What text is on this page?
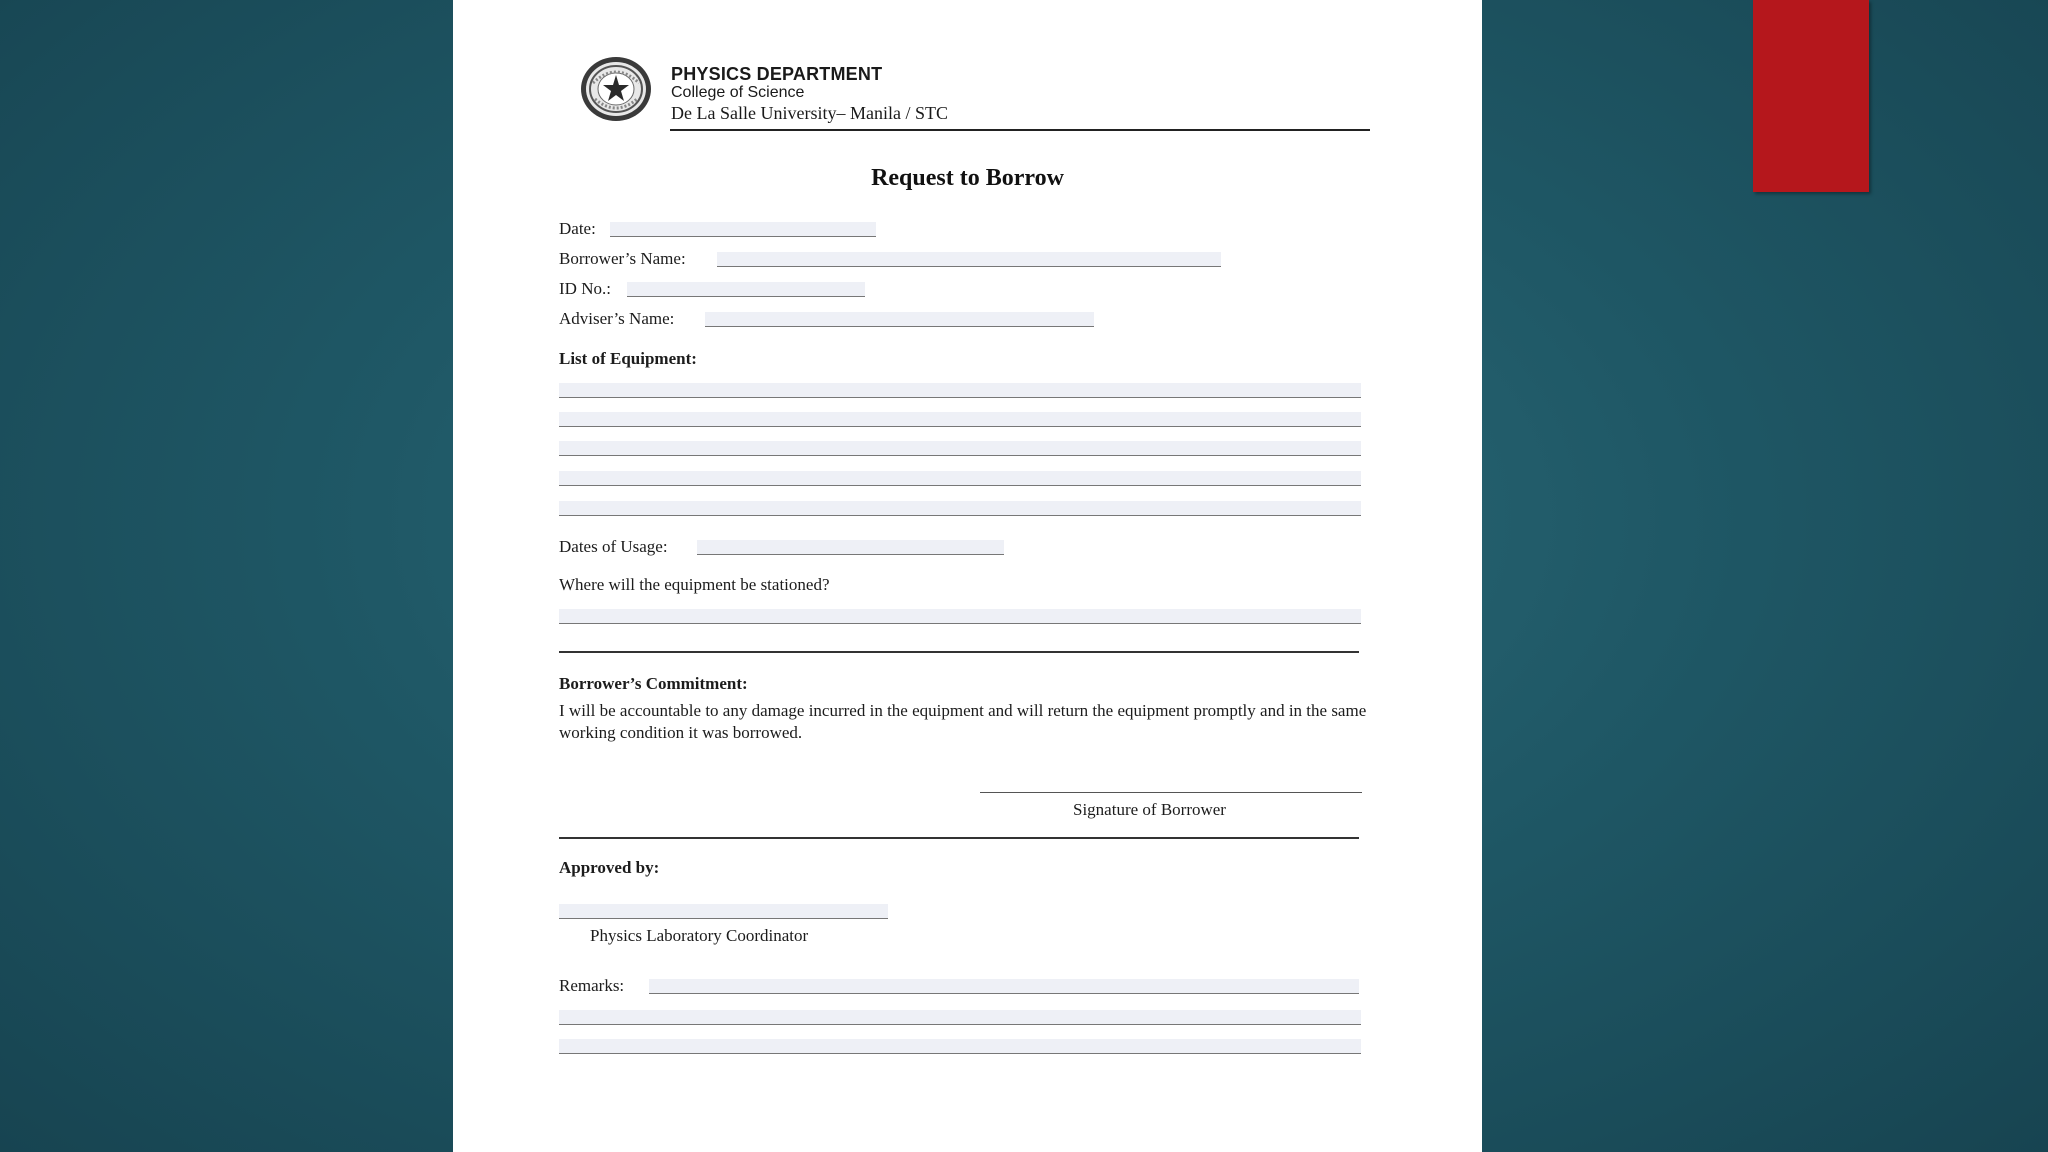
PHYSICS DEPARTMENT
College of Science
De La Salle University– Manila / STC
Request to Borrow
Date:
Borrower’s Name:
ID No.:
Adviser’s Name:
List of Equipment:
Dates of Usage:
Where will the equipment be stationed?
Borrower’s Commitment:
I will be accountable to any damage incurred in the equipment and will return the equipment promptly and in the same working condition it was borrowed.
Signature of Borrower
Approved by:
Physics Laboratory Coordinator
Remarks:
